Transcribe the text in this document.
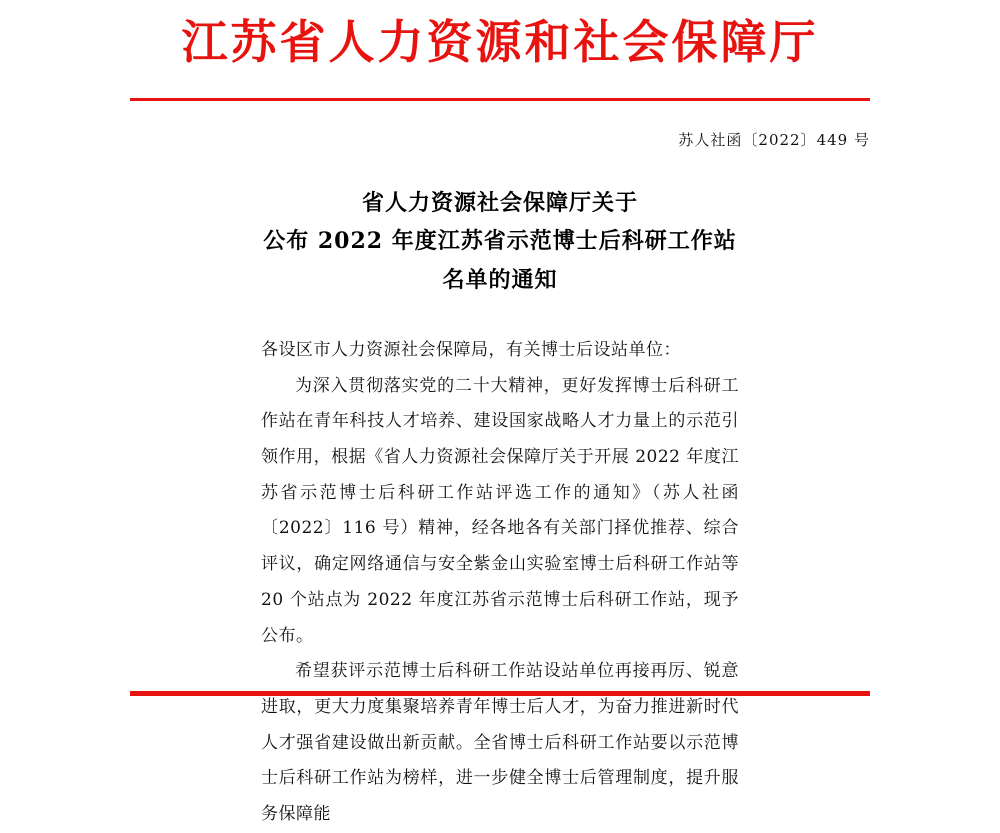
江苏省人力资源和社会保障厅
苏人社函〔2022〕449 号
省人力资源社会保障厅关于
公布 2022 年度江苏省示范博士后科研工作站
名单的通知
各设区市人力资源社会保障局，有关博士后设站单位：

为深入贯彻落实党的二十大精神，更好发挥博士后科研工作站在青年科技人才培养、建设国家战略人才力量上的示范引领作用，根据《省人力资源社会保障厅关于开展 2022 年度江苏省示范博士后科研工作站评选工作的通知》（苏人社函〔2022〕116 号）精神，经各地各有关部门择优推荐、综合评议，确定网络通信与安全紫金山实验室博士后科研工作站等 20 个站点为 2022 年度江苏省示范博士后科研工作站，现予公布。

希望获评示范博士后科研工作站设站单位再接再厉、锐意进取，更大力度集聚培养青年博士后人才，为奋力推进新时代人才强省建设做出新贡献。全省博士后科研工作站要以示范博士后科研工作站为榜样，进一步健全博士后管理制度，提升服务保障能
